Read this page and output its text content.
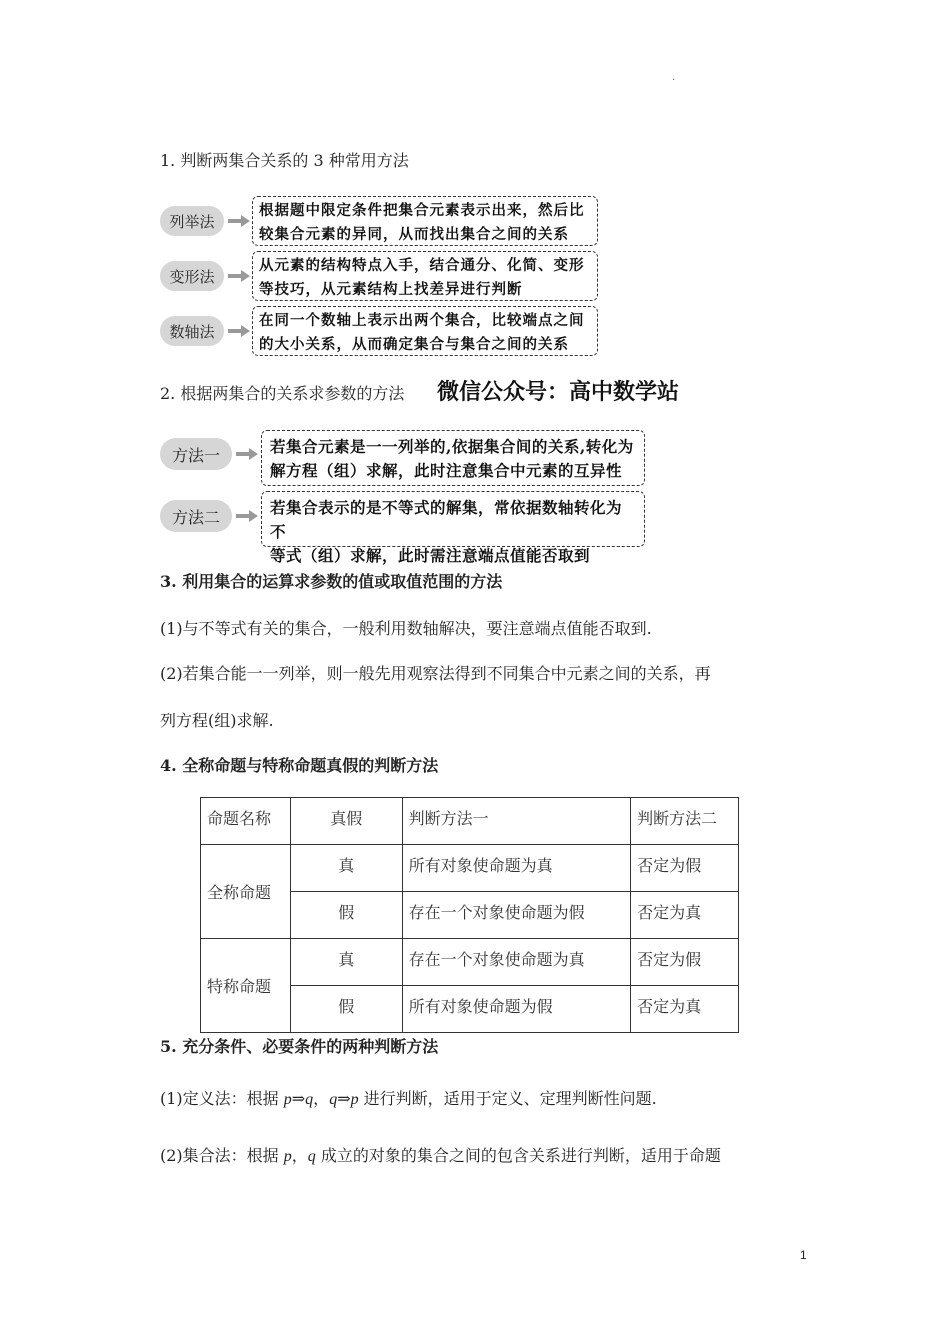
.
1. 判断两集合关系的 3 种常用方法
列举法
根据题中限定条件把集合元素表示出来，然后比
较集合元素的异同，从而找出集合之间的关系
变形法
从元素的结构特点入手，结合通分、化简、变形
等技巧，从元素结构上找差异进行判断
数轴法
在同一个数轴上表示出两个集合，比较端点之间
的大小关系，从而确定集合与集合之间的关系
2. 根据两集合的关系求参数的方法 微信公众号：高中数学站
方法一	若集合元素是一一列举的,依据集合间的关系,转化为
解方程（组）求解，此时注意集合中元素的互异性
方法二	若集合表示的是不等式的解集，常依据数轴转化为不
等式（组）求解，此时需注意端点值能否取到
3. 利用集合的运算求参数的值或取值范围的方法
(1)与不等式有关的集合，一般利用数轴解决，要注意端点值能否取到.
(2)若集合能一一列举，则一般先用观察法得到不同集合中元素之间的关系，再
列方程(组)求解.
4. 全称命题与特称命题真假的判断方法
命题名称	真假	判断方法一	判断方法二
全称命题	真	所有对象使命题为真	否定为假
	假	存在一个对象使命题为假	否定为真
特称命题	真	存在一个对象使命题为真	否定为假
	假	所有对象使命题为假	否定为真
5. 充分条件、必要条件的两种判断方法
(1)定义法：根据 p⇒q，q⇒p 进行判断，适用于定义、定理判断性问题.
(2)集合法：根据 p，q 成立的对象的集合之间的包含关系进行判断，适用于命题
1
